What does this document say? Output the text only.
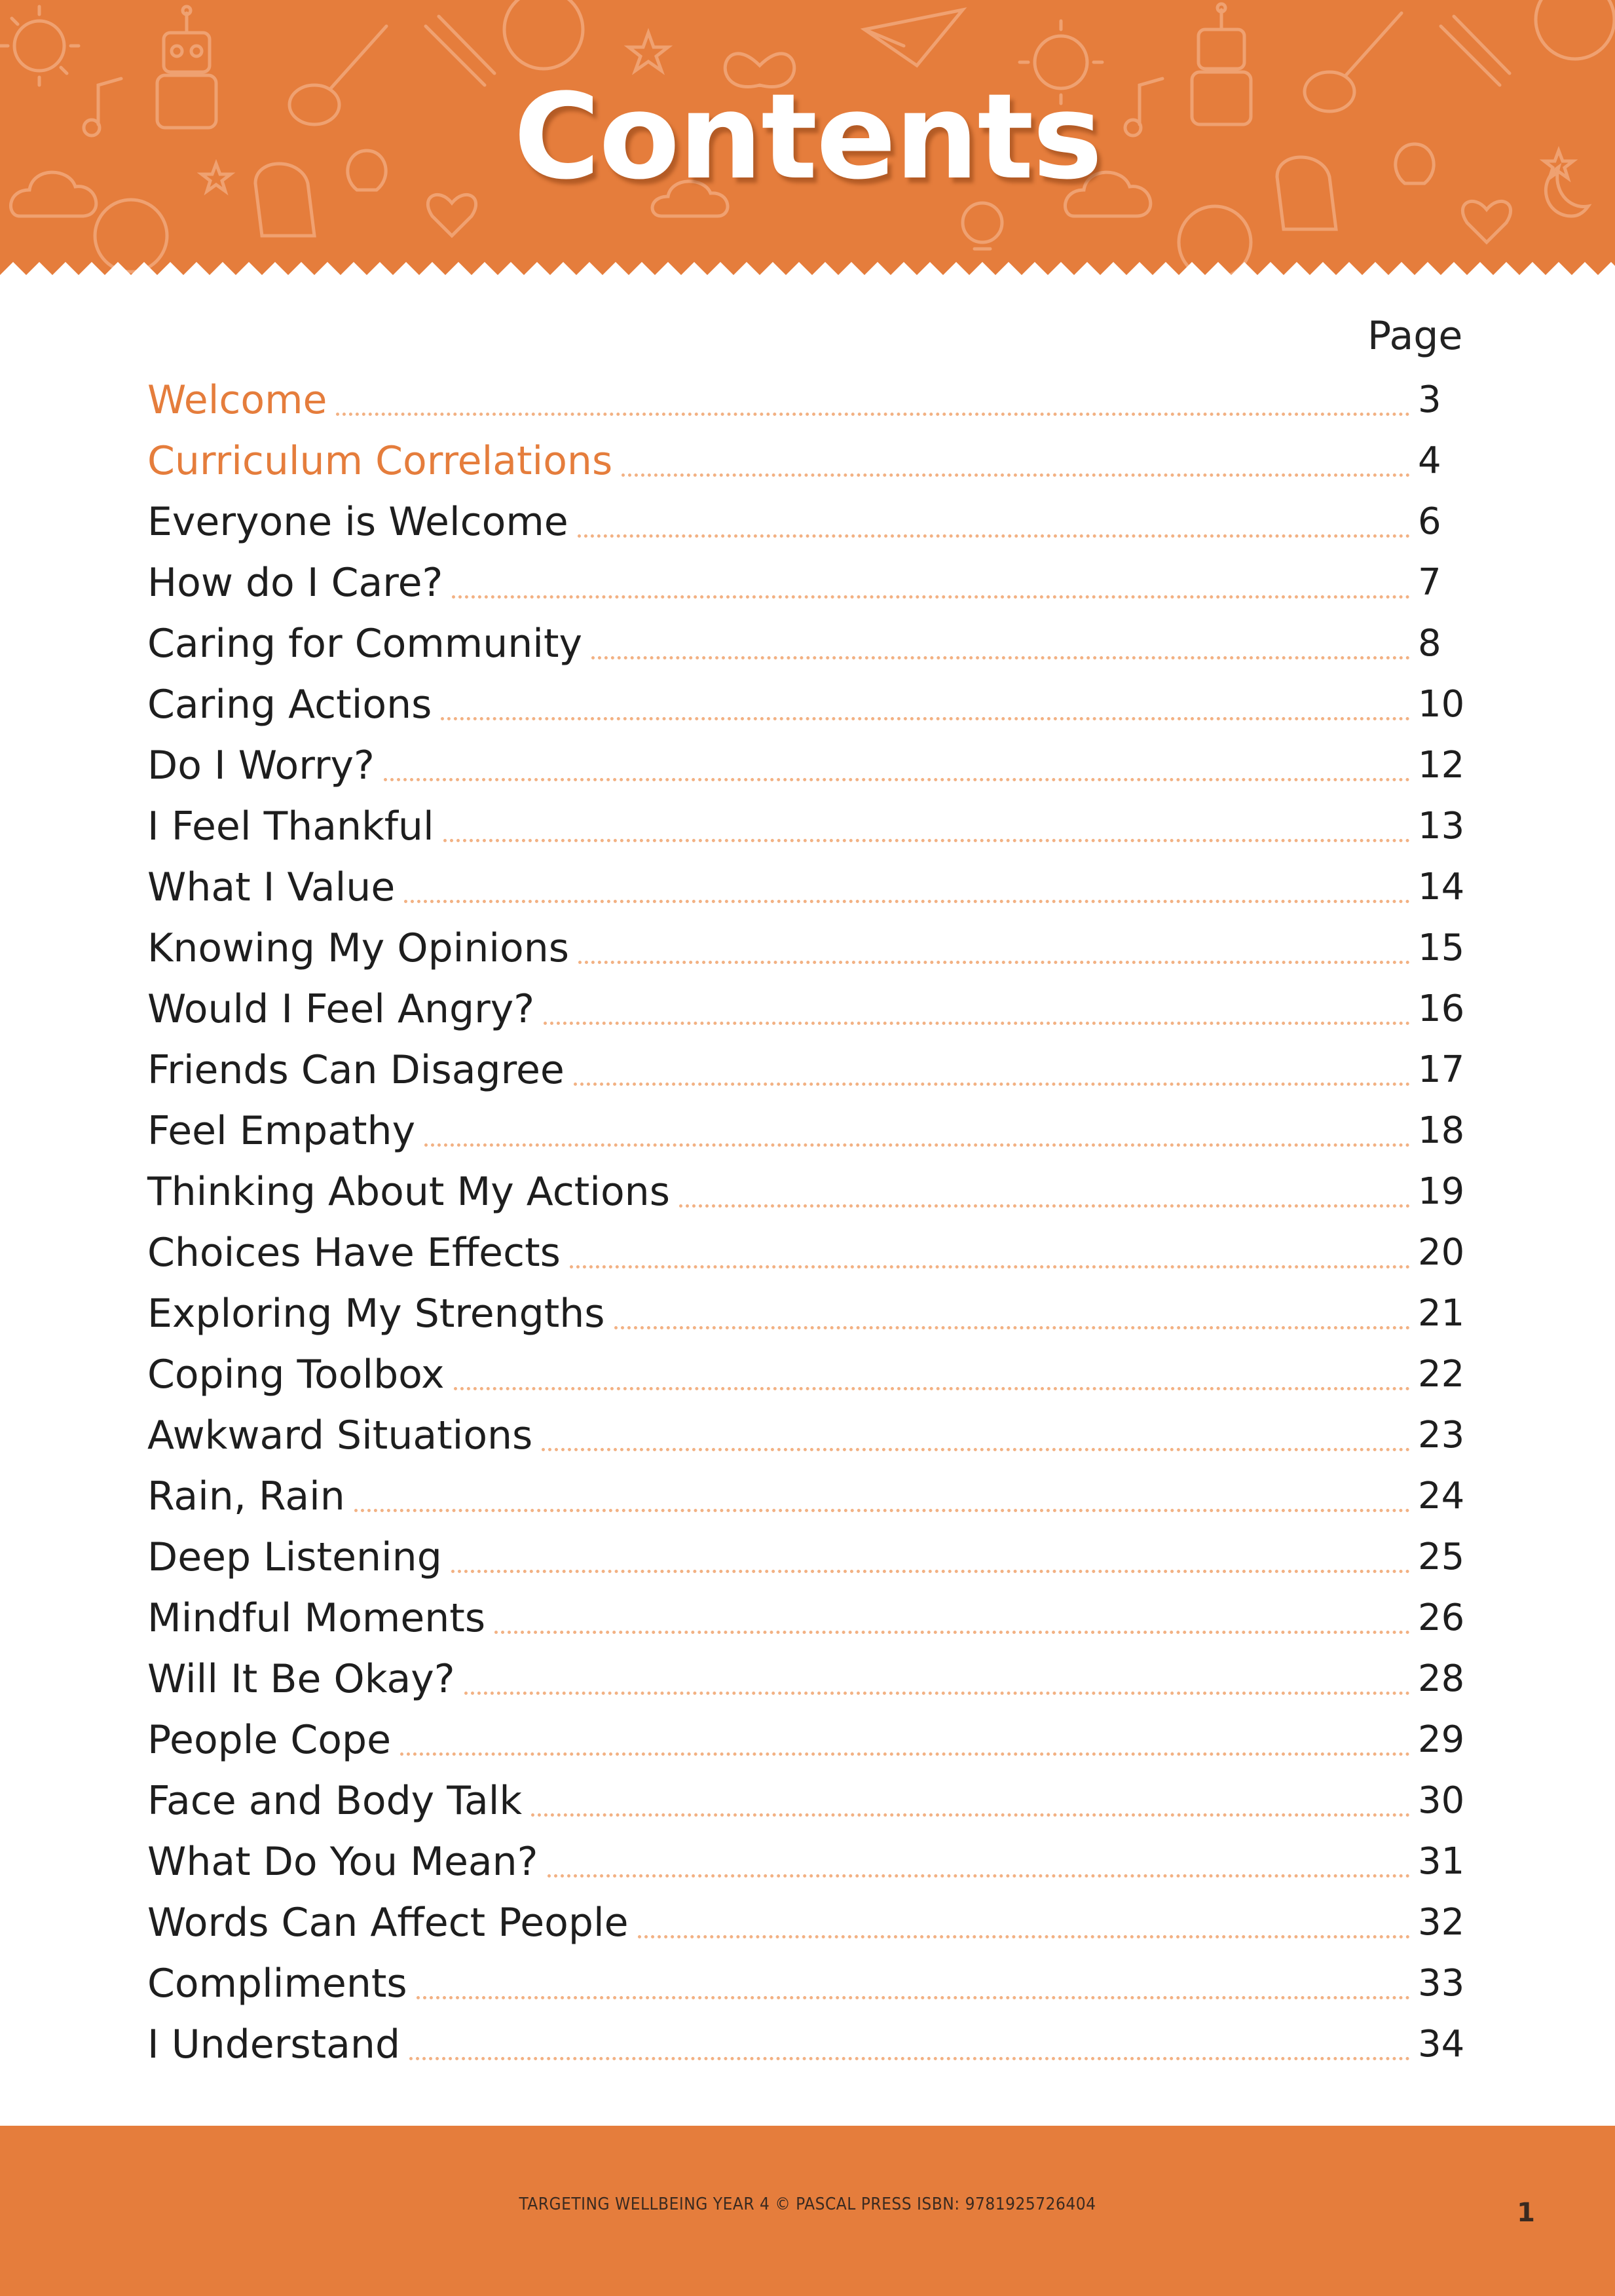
Contents
Page
Welcome	3
Curriculum Correlations	4
Everyone is Welcome	6
How do I Care?	7
Caring for Community	8
Caring Actions	10
Do I Worry?	12
I Feel Thankful	13
What I Value	14
Knowing My Opinions	15
Would I Feel Angry?	16
Friends Can Disagree	17
Feel Empathy	18
Thinking About My Actions	19
Choices Have Effects	20
Exploring My Strengths	21
Coping Toolbox	22
Awkward Situations	23
Rain, Rain	24
Deep Listening	25
Mindful Moments	26
Will It Be Okay?	28
People Cope	29
Face and Body Talk	30
What Do You Mean?	31
Words Can Affect People	32
Compliments	33
I Understand	34
TARGETING WELLBEING YEAR 4 © PASCAL PRESS ISBN: 9781925726404	1
